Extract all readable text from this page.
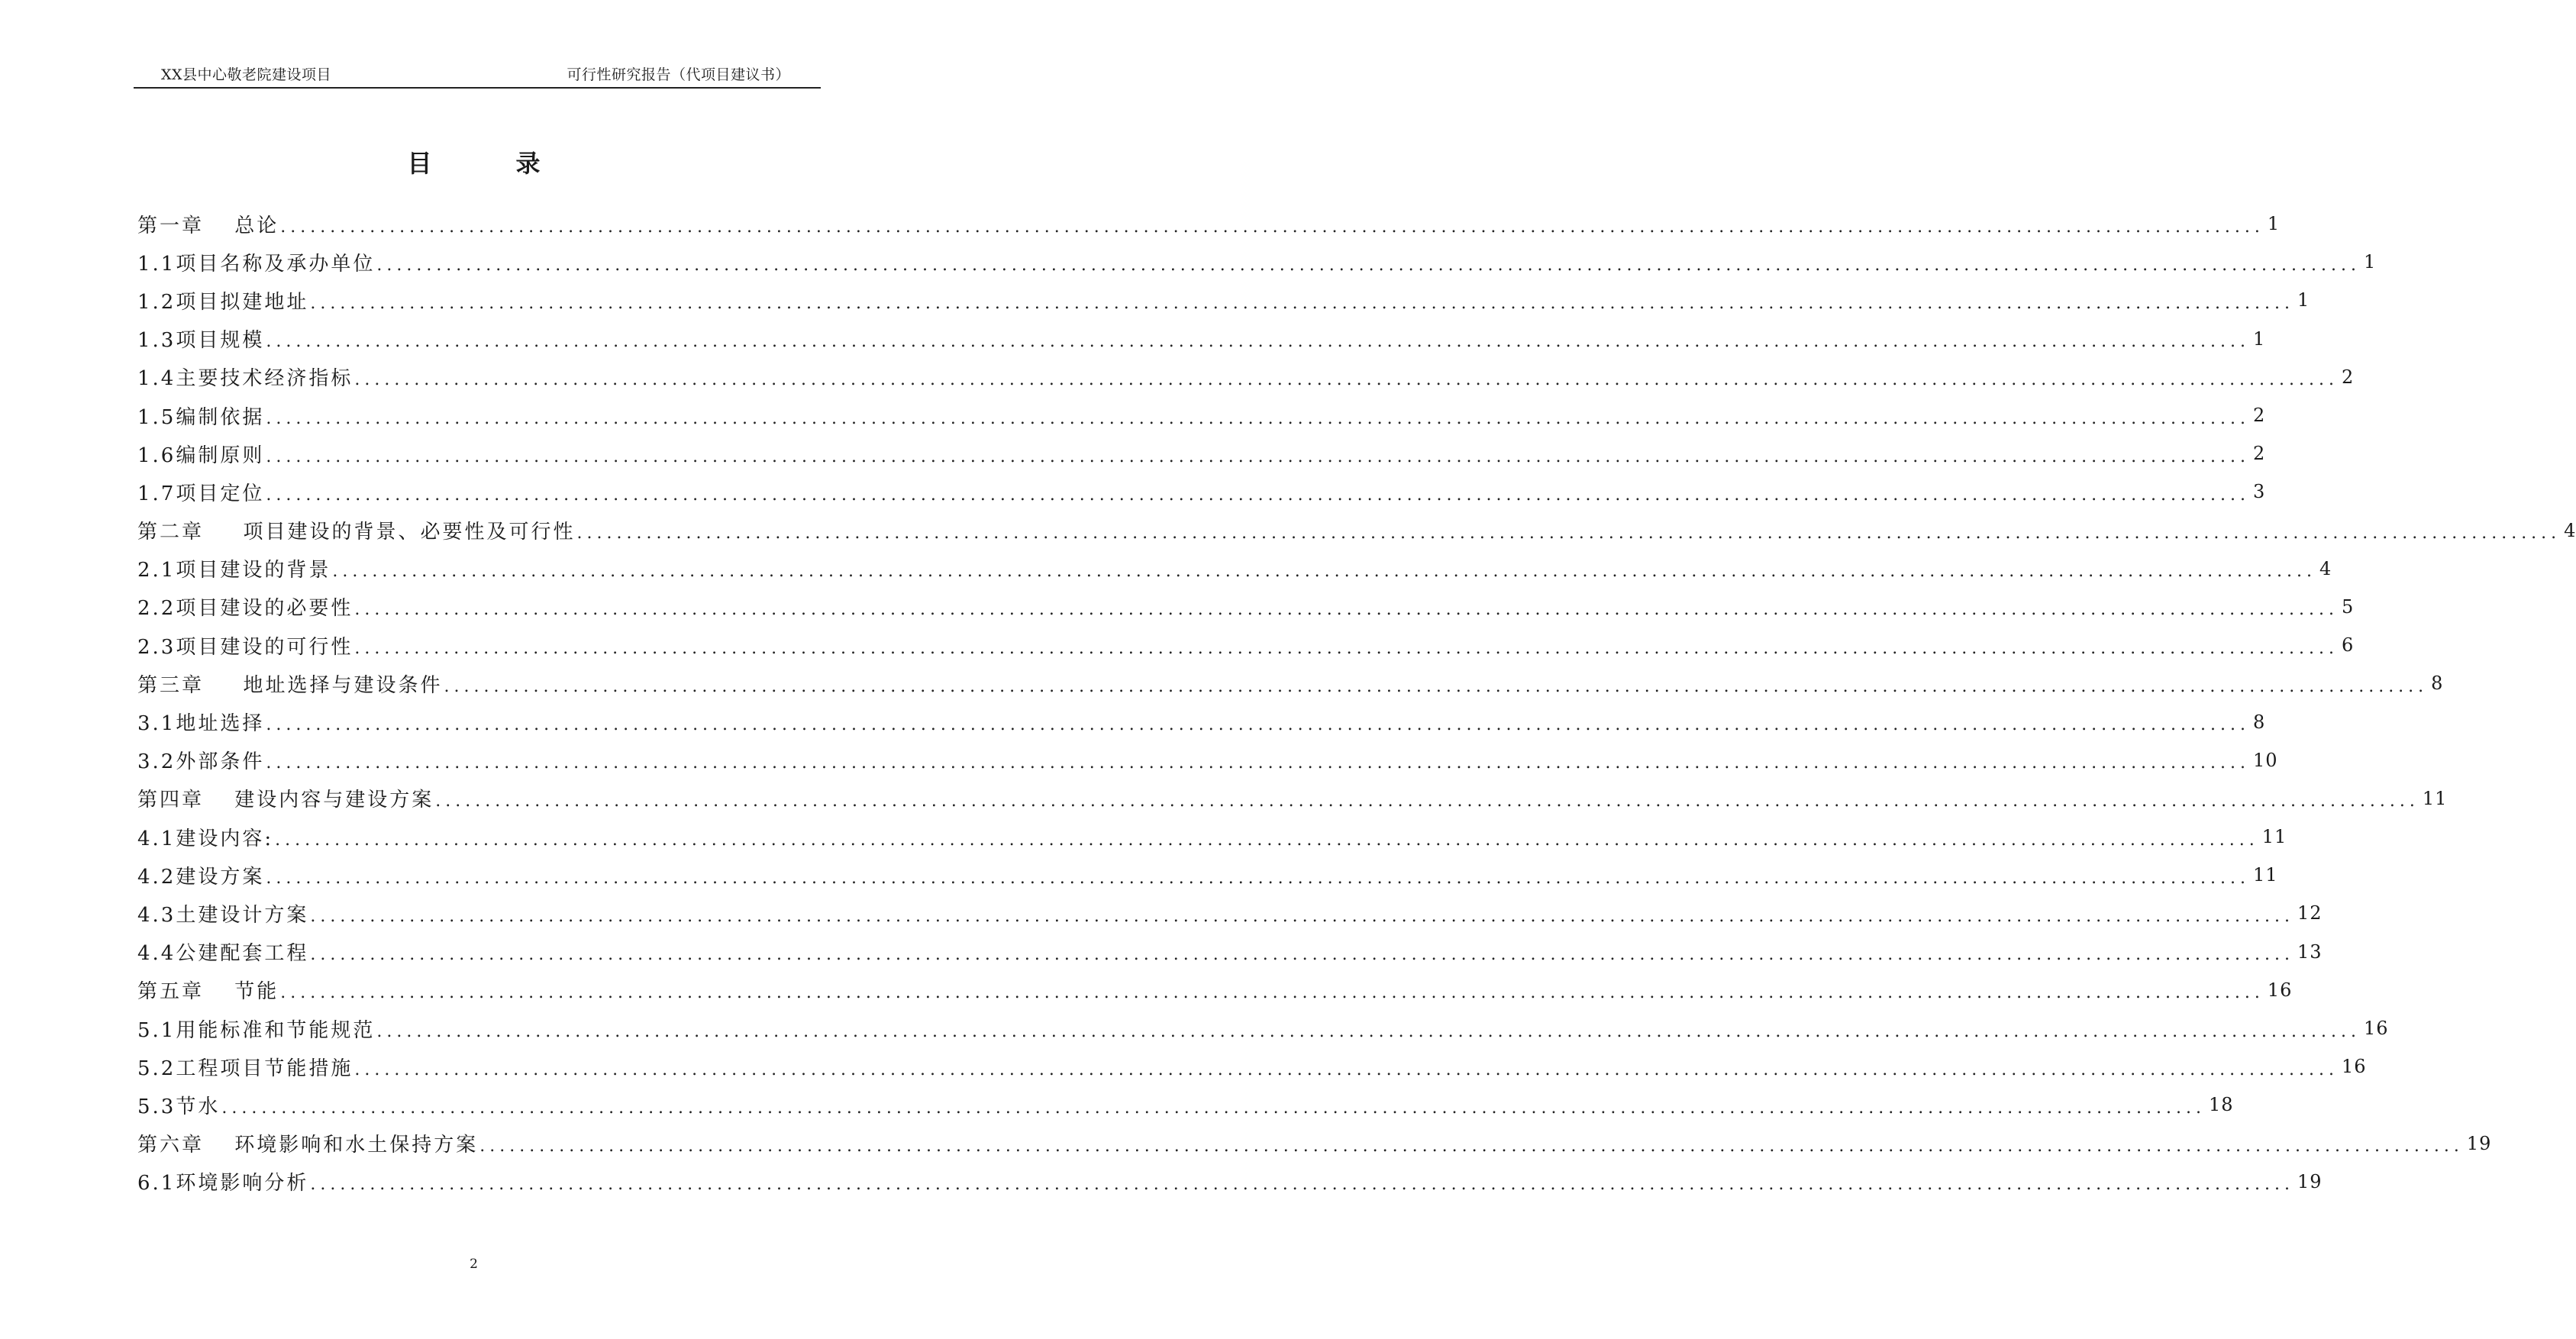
XX县中心敬老院建设项目	可行性研究报告（代项目建议书）
目	录
第一章　 总论 ........................................................................................................................................................................................................ 1
1.1项目名称及承办单位 ........................................................................................................................................................................................................ 1
1.2项目拟建地址 ........................................................................................................................................................................................................ 1
1.3项目规模 ........................................................................................................................................................................................................ 1
1.4主要技术经济指标 ........................................................................................................................................................................................................ 2
1.5编制依据 ........................................................................................................................................................................................................ 2
1.6编制原则 ........................................................................................................................................................................................................ 2
1.7项目定位 ........................................................................................................................................................................................................ 3
第二章　  项目建设的背景、必要性及可行性 ........................................................................................................................................................................................................ 4
2.1项目建设的背景 ........................................................................................................................................................................................................ 4
2.2项目建设的必要性 ........................................................................................................................................................................................................ 5
2.3项目建设的可行性 ........................................................................................................................................................................................................ 6
第三章　  地址选择与建设条件 ........................................................................................................................................................................................................ 8
3.1地址选择 ........................................................................................................................................................................................................ 8
3.2外部条件 ........................................................................................................................................................................................................ 10
第四章　 建设内容与建设方案 ........................................................................................................................................................................................................ 11
4.1建设内容: ........................................................................................................................................................................................................ 11
4.2建设方案 ........................................................................................................................................................................................................ 11
4.3土建设计方案 ........................................................................................................................................................................................................ 12
4.4公建配套工程 ........................................................................................................................................................................................................ 13
第五章　 节能 ........................................................................................................................................................................................................ 16
5.1用能标准和节能规范 ........................................................................................................................................................................................................ 16
5.2工程项目节能措施 ........................................................................................................................................................................................................ 16
5.3节水 ........................................................................................................................................................................................................ 18
第六章　 环境影响和水土保持方案 ........................................................................................................................................................................................................ 19
6.1环境影响分析 ........................................................................................................................................................................................................ 19
2
